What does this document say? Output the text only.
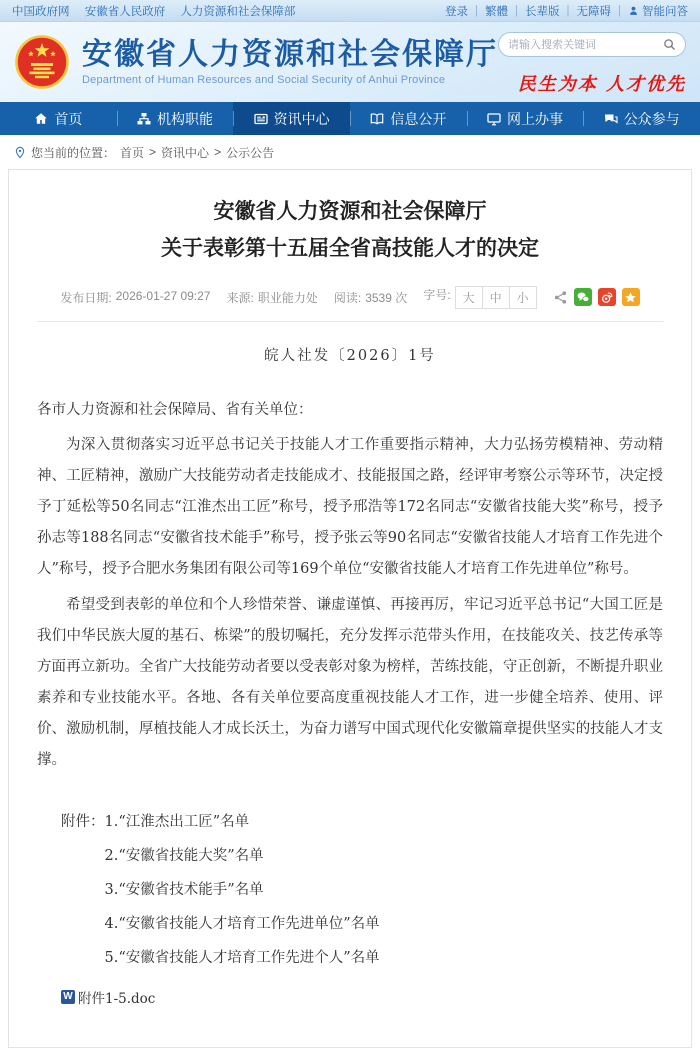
中国政府网 安徽省人民政府 人力资源和社会保障部	登录 | 繁體 | 长辈版 | 无障碍 | 智能问答
安徽省人力资源和社会保障厅
Department of Human Resources and Social Security of Anhui Province
请输入搜索关键词	民生为本 人才优先
首页	机构职能	资讯中心	信息公开	网上办事	公众参与
您当前的位置： 首页 > 资讯中心 > 公示公告
安徽省人力资源和社会保障厅
关于表彰第十五届全省高技能人才的决定
发布日期: 2026-01-27 09:27 来源: 职业能力处 阅读: 3539 次 字号:	大	中	小
皖人社发〔2026〕1号
各市人力资源和社会保障局、省有关单位：
为深入贯彻落实习近平总书记关于技能人才工作重要指示精神，大力弘扬劳模精神、劳动精神、工匠精神，激励广大技能劳动者走技能成才、技能报国之路，经评审考察公示等环节，决定授予丁延松等50名同志“江淮杰出工匠”称号，授予邢浩等172名同志“安徽省技能大奖”称号，授予孙志等188名同志“安徽省技术能手”称号，授予张云等90名同志“安徽省技能人才培育工作先进个人”称号，授予合肥水务集团有限公司等169个单位“安徽省技能人才培育工作先进单位”称号。
希望受到表彰的单位和个人珍惜荣誉、谦虚谨慎、再接再厉，牢记习近平总书记“大国工匠是我们中华民族大厦的基石、栋梁”的殷切嘱托，充分发挥示范带头作用，在技能攻关、技艺传承等方面再立新功。全省广大技能劳动者要以受表彰对象为榜样，苦练技能，守正创新，不断提升职业素养和专业技能水平。各地、各有关单位要高度重视技能人才工作，进一步健全培养、使用、评价、激励机制，厚植技能人才成长沃土，为奋力谱写中国式现代化安徽篇章提供坚实的技能人才支撑。
附件： 1.“江淮杰出工匠”名单
2.“安徽省技能大奖”名单
3.“安徽省技术能手”名单
4.“安徽省技能人才培育工作先进单位”名单
5.“安徽省技能人才培育工作先进个人”名单
W 附件1-5.doc
